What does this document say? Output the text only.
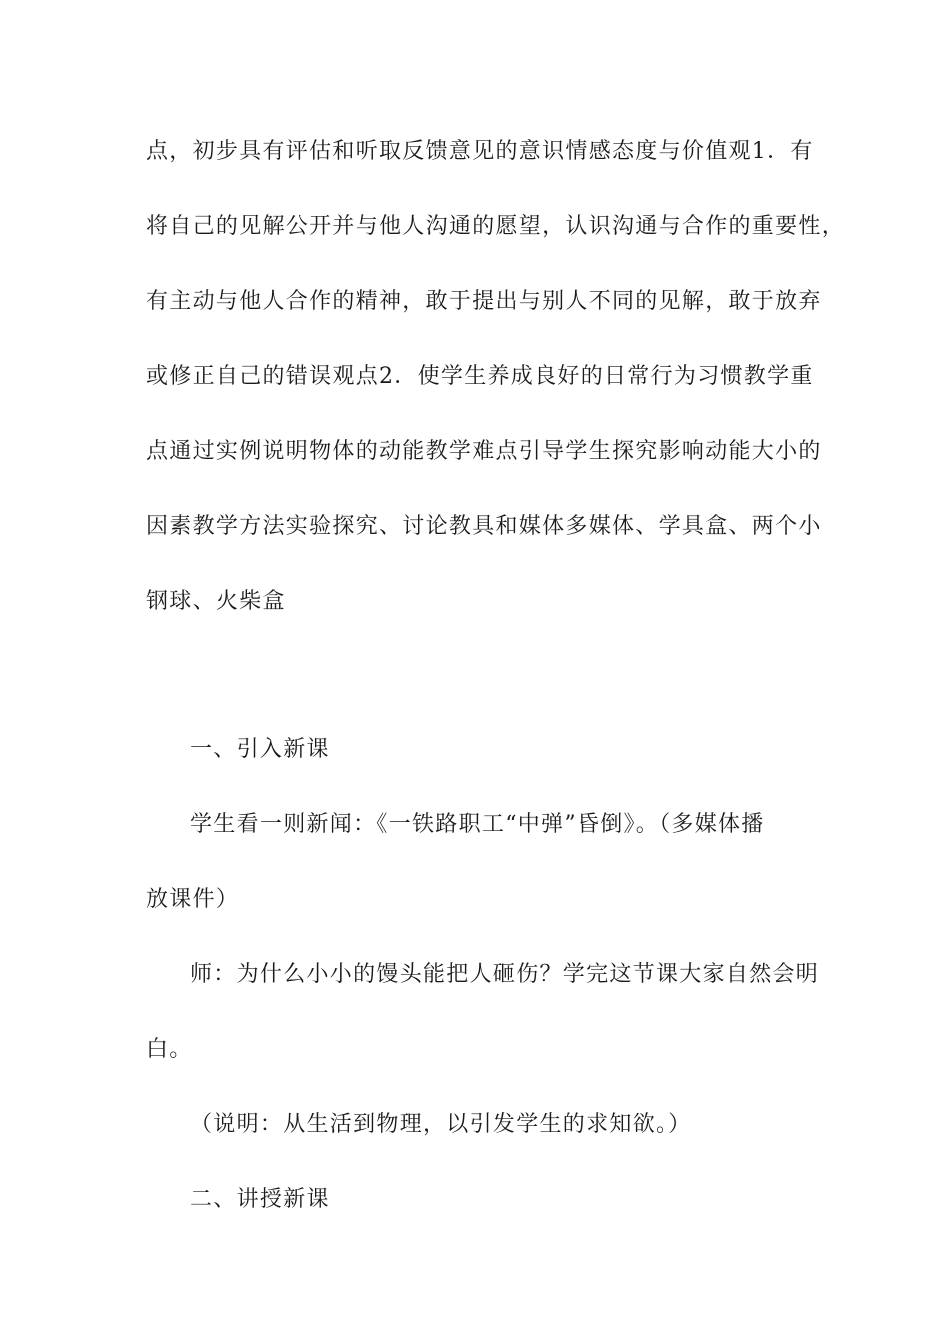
点，初步具有评估和听取反馈意见的意识情感态度与价值观1．有
将自己的见解公开并与他人沟通的愿望，认识沟通与合作的重要性，
有主动与他人合作的精神，敢于提出与别人不同的见解，敢于放弃
或修正自己的错误观点2．使学生养成良好的日常行为习惯教学重
点通过实例说明物体的动能教学难点引导学生探究影响动能大小的
因素教学方法实验探究、讨论教具和媒体多媒体、学具盒、两个小
钢球、火柴盒
一、引入新课
学生看一则新闻：《一铁路职工“中弹”昏倒》。（多媒体播
放课件）
师：为什么小小的馒头能把人砸伤？学完这节课大家自然会明
白。
（说明：从生活到物理，以引发学生的求知欲。）
二、讲授新课
